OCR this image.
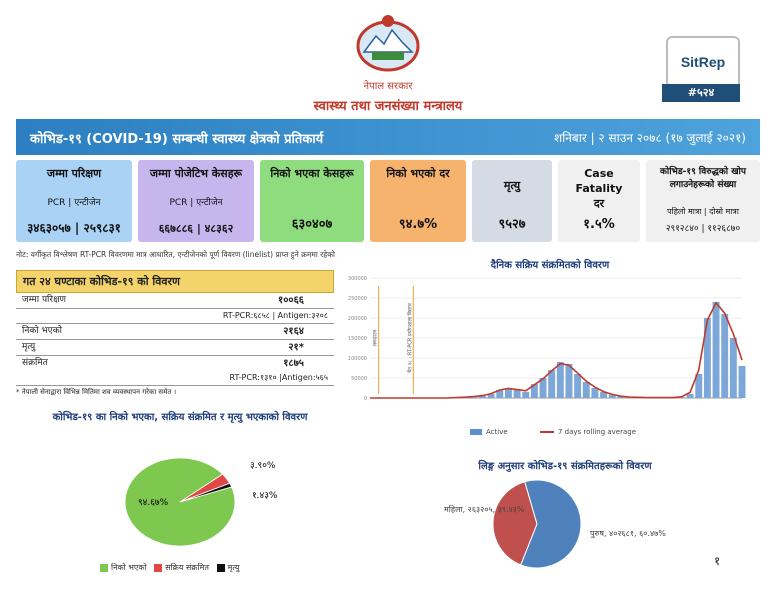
नेपाल सरकार
स्वास्थ्य तथा जनसंख्या मन्त्रालय
SitRep
#५२४
कोभिड-१९ (COVID-19) सम्बन्धी स्वास्थ्य क्षेत्रको प्रतिकार्य	शनिबार | २ साउन २०७८ (१७ जुलाई २०२१)
जम्मा परिक्षण
PCR | एन्टीजेन
३४६३०५७ | २५९८३१
जम्मा पोजेटिभ केसहरू
PCR | एन्टीजेन
६६७८८६ | ४८३६२
निको भएका केसहरू
६३०४०७
निको भएको दर
९४.७%
मृत्यु
९५२७
Case Fatality दर
१.५%
कोभिड-१९ विरुद्धको खोप लगाउनेहरूको संख्या
पहिलो मात्रा | दोस्रो मात्रा
२९१२८४० | ११२६८७०
नोट: वर्गीकृत विश्लेषण RT-PCR विवरणमा मात्र आधारित, एन्टीजेनको पूर्ण विवरण (linelist) प्राप्त हुने क्रममा रहेको
गत २४ घण्टाका कोभिड-१९ को विवरण
जम्मा परिक्षण	१००६६
RT-PCR:६८५८ | Antigen:३२०८
निको भएको	२१६४
मृत्यु	२१*
संक्रमित	१८७५
RT-PCR:१३१० |Antigen:५६५
* नेपाली सेनाद्वारा विभिन्न मितिमा शव व्यवस्थापन गरेका समेत ।
कोभिड-१९ का निको भएका, सक्रिय संक्रमित र मृत्यु भएकाको विवरण
९४.६७%
३.९०%
१.४३%
निको भएको सक्रिय संक्रमित मृत्यु
दैनिक सक्रिय संक्रमितको विवरण
0
50000
100000
150000
200000
250000
300000
लकडाउन	चैत १८ : RT-PCR प्रयोगशाला विस्तार
Active	7 days rolling average
लिङ्ग अनुसार कोभिड-१९ संक्रमितहरूको विवरण
महिला, २६३२०५, ३९.४३%
पुरुष, ४०२६८१, ६०.४७%
१
